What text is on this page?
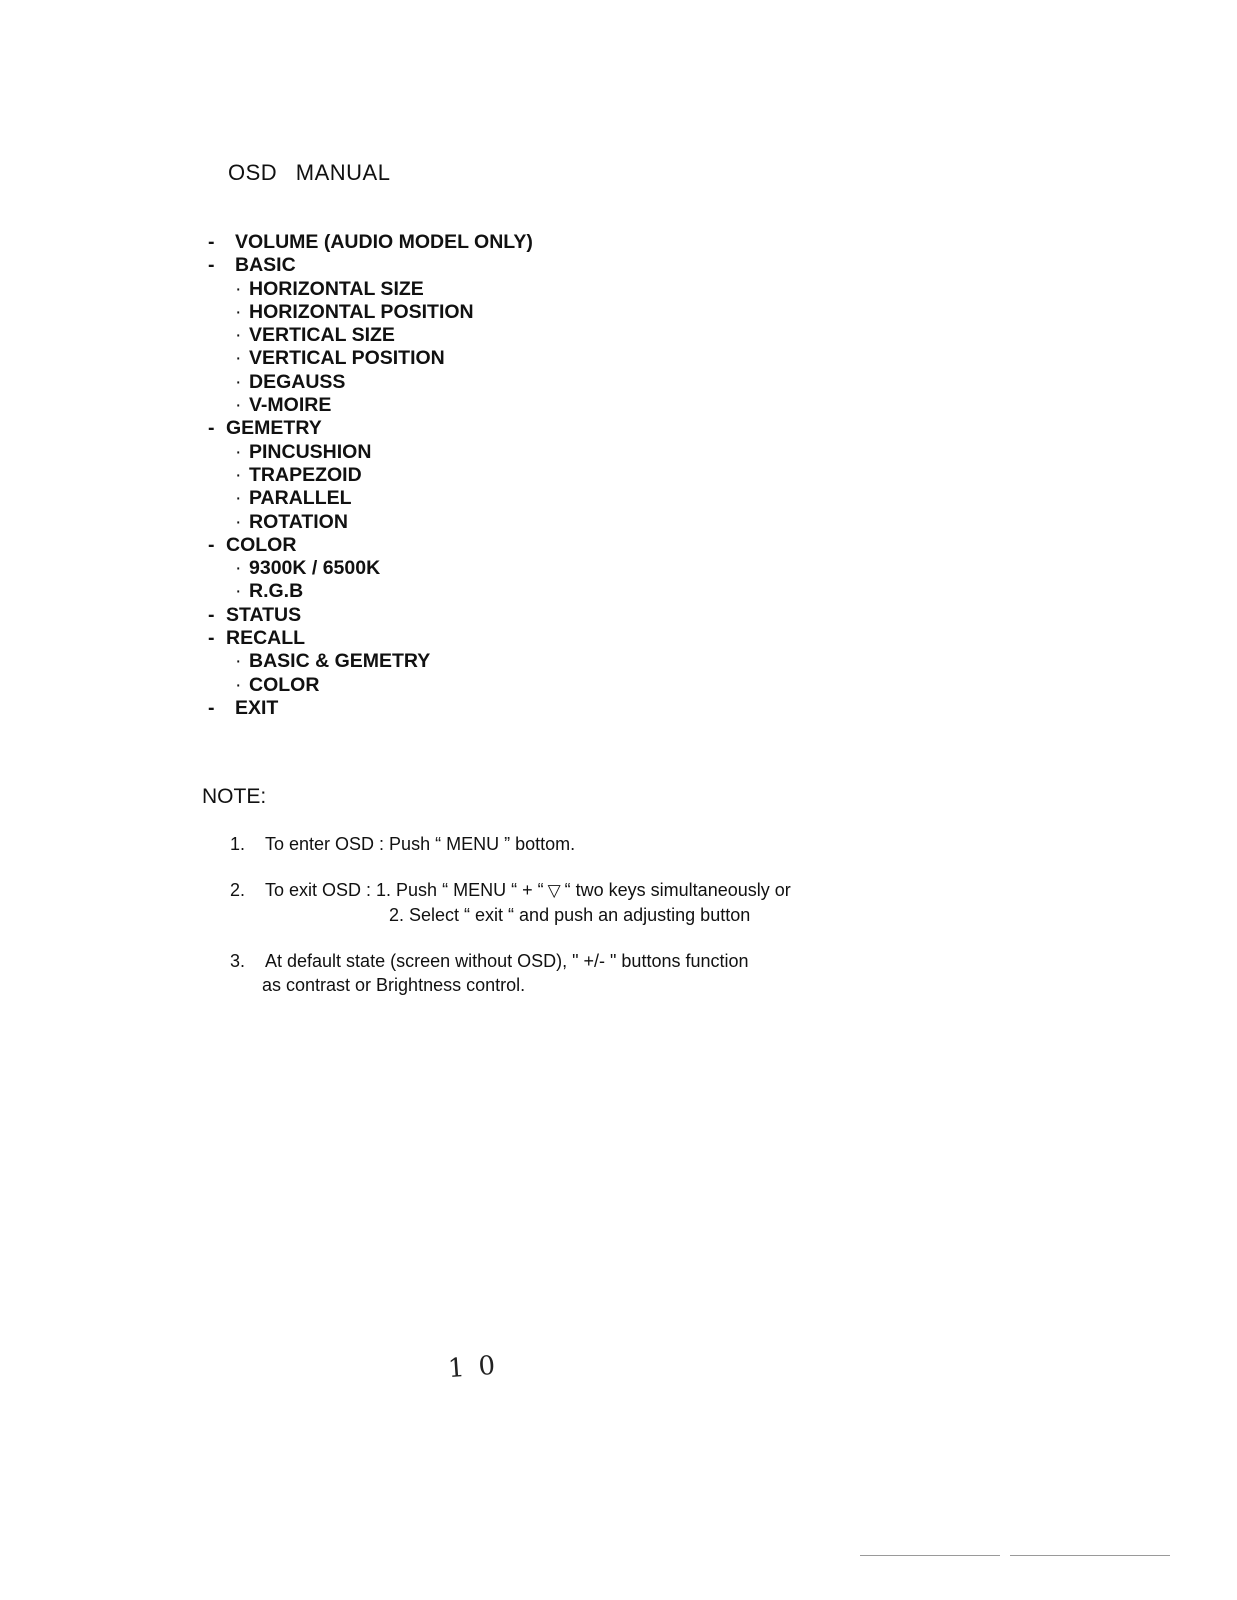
OSD MANUAL
- VOLUME (AUDIO MODEL ONLY)
- BASIC
· HORIZONTAL SIZE
· HORIZONTAL POSITION
· VERTICAL SIZE
· VERTICAL POSITION
· DEGAUSS
· V-MOIRE
- GEMETRY
· PINCUSHION
· TRAPEZOID
· PARALLEL
· ROTATION
- COLOR
· 9300K / 6500K
· R.G.B
- STATUS
- RECALL
· BASIC & GEMETRY
· COLOR
- EXIT
NOTE:
1. To enter OSD : Push “ MENU ” bottom.
2. To exit OSD : 1. Push “ MENU “ + “ ▽ “ two keys simultaneously or
2. Select “ exit “ and push an adjusting button
3. At default state (screen without OSD), " +/- " buttons function
as contrast or Brightness control.
10
